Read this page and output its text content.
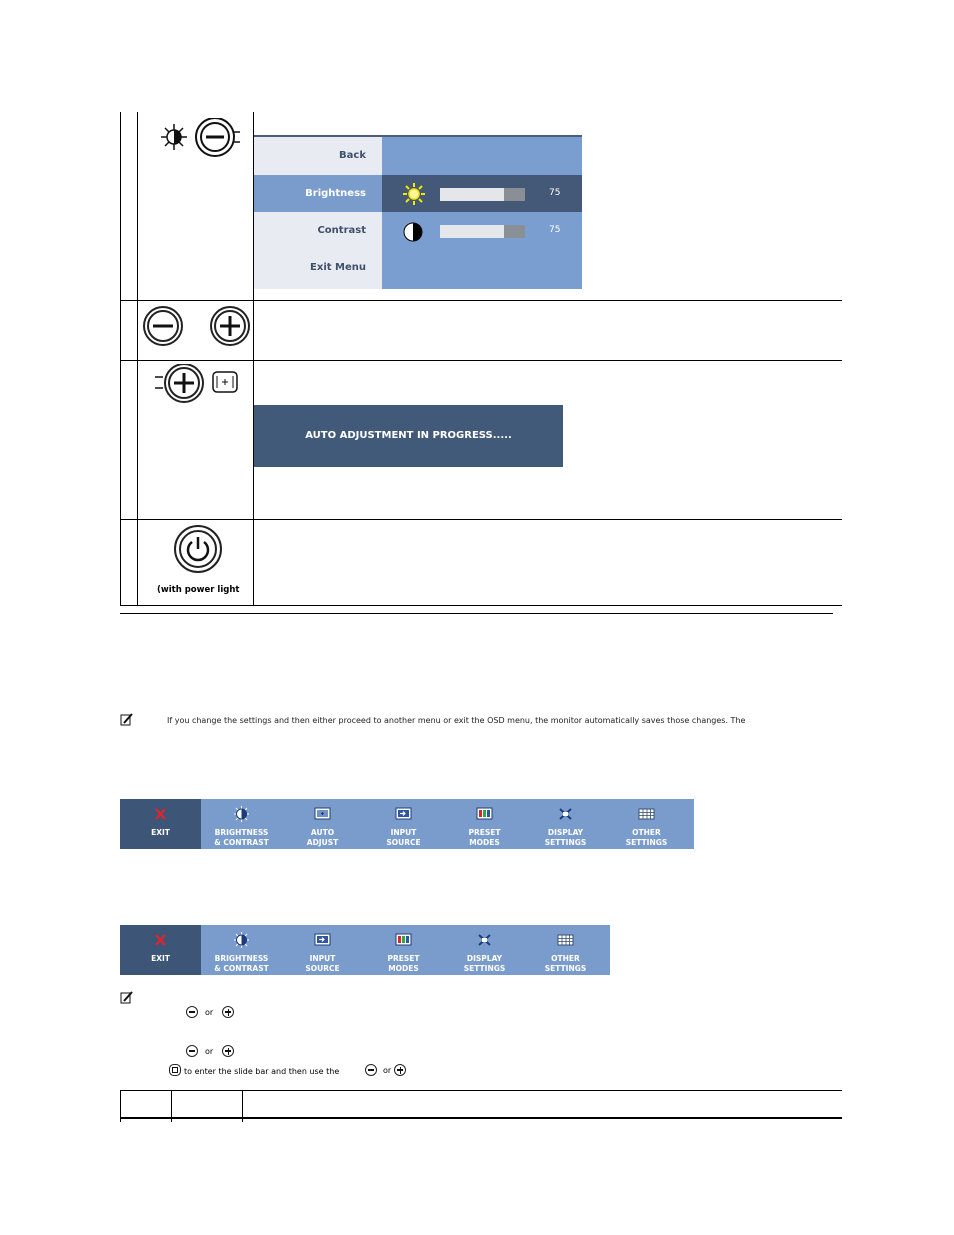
Back
Brightness
Contrast
Exit Menu
75
75
AUTO ADJUSTMENT IN PROGRESS.....
(with power light
If you change the settings and then either proceed to another menu or exit the OSD menu, the monitor automatically saves those changes. The
EXIT	BRIGHTNESS
& CONTRAST
AUTO
ADJUST
INPUT
SOURCE
PRESET
MODES
DISPLAY
SETTINGS
OTHER
SETTINGS
EXIT	BRIGHTNESS
& CONTRAST
INPUT
SOURCE
PRESET
MODES
DISPLAY
SETTINGS
OTHER
SETTINGS
or
or
to enter the slide bar and then use the	or
